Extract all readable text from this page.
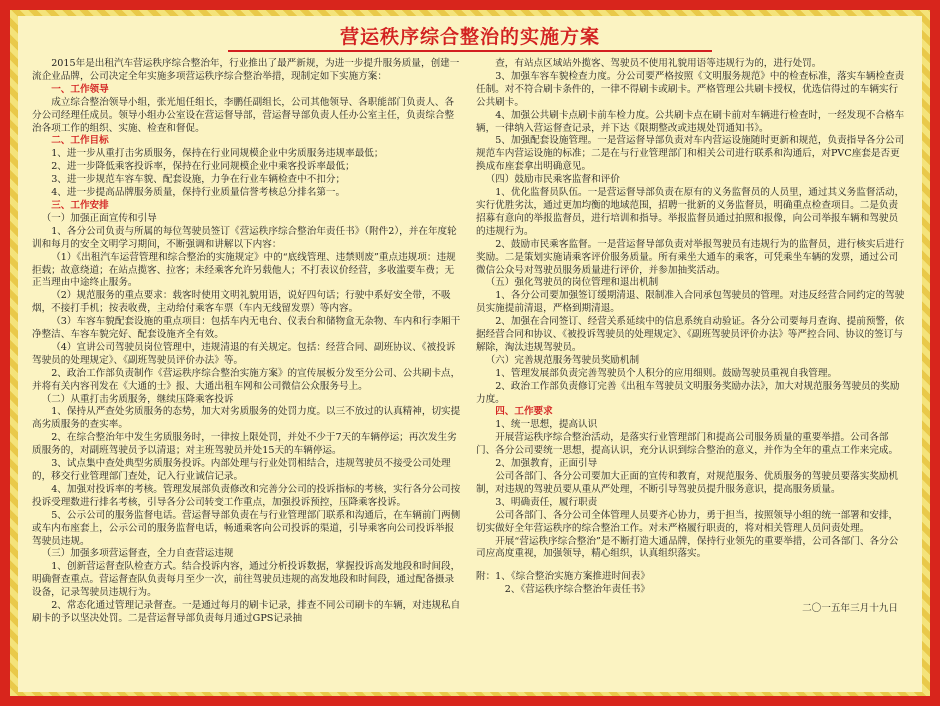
营运秩序综合整治的实施方案

2015年是出租汽车营运秩序综合整治年，行业推出了最严新规，为进一步提升服务质量，创建一流企业品牌，公司决定全年实施多项营运秩序综合整治举措，现制定如下实施方案：

一、工作领导

成立综合整治领导小组，张光旭任组长，李鹏任副组长，公司其他领导、各职能部门负责人、各分公司经理任成员。领导小组办公室设在营运督导部，营运督导部负责人任办公室主任，负责综合整治各项工作的组织、实施、检查和督促。

二、工作目标

1、进一步从重打击劣质服务，保持在行业同规模企业中劣质服务违规率最低；

2、进一步降低乘客投诉率，保持在行业同规模企业中乘客投诉率最低；

3、进一步规范车容车貌、配套设施，力争在行业车辆检查中不扣分；

4、进一步提高品牌服务质量，保持行业质量信誉考核总分排名第一。

三、工作安排

（一）加强正面宣传和引导

1、各分公司负责与所属的每位驾驶员签订《营运秩序综合整治年责任书》（附件2），并在年度轮训和每月的安全文明学习期间，不断强调和讲解以下内容：

（1）《出租汽车运营管理和综合整治的实施规定》中的“底线管理、违禁则废”重点违规项：违规拒载；故意绕道；在站点揽客、拉客；未经乘客允许另载他人；不打表议价经营，多收滥要车费；无正当理由中途终止服务。

（2）规范服务的重点要求：载客时使用文明礼貌用语，说好四句话；行驶中系好安全带，不吸烟，不接打手机；按表收费，主动给付乘客车票（车内无线留发票）等内容。

（3）车容车貌配套设施的重点项目：包括车内无电台、仪表台和储物盒无杂物、车内和行李厢干净整洁、车容车貌完好、配套设施齐全有效。

（4）宣讲公司驾驶员岗位管理中，违规清退的有关规定。包括：经营合同、副班协议、《被投诉驾驶员的处理规定》、《副班驾驶员评价办法》等。

2、政治工作部负责制作《营运秩序综合整治实施方案》的宣传展板分发至分公司、公共刷卡点，并将有关内容刊发在《大通的士》报、大通出租车网和公司微信公众服务号上。

（二）从重打击劣质服务，继续压降乘客投诉

1、保持从严查处劣质服务的态势，加大对劣质服务的处罚力度。以三不放过的认真精神，切实提高劣质服务的查实率。

2、在综合整治年中发生劣质服务时，一律按上限处罚，并处不少于7天的车辆停运；再次发生劣质服务的，对副班驾驶员予以清退；对主班驾驶员并处15天的车辆停运。

3、试点集中查处典型劣质服务投诉。内部处理与行业处罚相结合，违规驾驶员不接受公司处理的，移交行业管理部门查处，记入行业诚信记录。

4、加强对投诉率的考核。管理发展部负责修改和完善分公司的投诉指标的考核，实行各分公司按投诉受理数进行排名考核，引导各分公司转变工作重点，加强投诉预控，压降乘客投诉。

5、公示公司的服务监督电话。营运督导部负责在与行业管理部门联系和沟通后，在车辆前门两侧或车内布座套上，公示公司的服务监督电话，畅通乘客向公司投诉的渠道，引导乘客向公司投诉举报驾驶员违规。

（三）加强多项营运督查，全力自查营运违规

1、创新营运督查队检查方式。结合投诉内容，通过分析投诉数据，掌握投诉高发地段和时间段，明确督查重点。营运督查队负责每月至少一次，前往驾驶员违规的高发地段和时间段，通过配备摄录设备，记录驾驶员违规行为。

2、常态化通过管理记录督查。一是通过每月的刷卡记录，排查不同公司刷卡的车辆，对违规私自刷卡的予以坚决处罚。二是营运督导部负责每月通过GPS记录抽

查，有站点区域站外揽客、驾驶员不使用礼貌用语等违规行为的，进行处罚。

3、加强车容车貌检查力度。分公司要严格按照《文明服务规范》中的检查标准，落实车辆检查责任制。对不符合刷卡条件的，一律不得刷卡或刷卡。严格管理公共刷卡授权，优选信得过的车辆实行公共刷卡。

4、加强公共刷卡点刷卡前车检力度。公共刷卡点在刷卡前对车辆进行检查时，一经发现不合格车辆，一律纳入营运督查记录，并下达《限期整改或违规处罚通知书》。

5、加强配套设施管理。一是营运督导部负责对车内营运设施随时更新和规范，负责指导各分公司规范车内营运设施的标准；二是在与行业管理部门和相关公司进行联系和沟通后，对PVC座套是否更换成布座套拿出明确意见。

（四）鼓励市民乘客监督和评价

1、优化监督员队伍。一是营运督导部负责在原有的义务监督员的人员里，通过其义务监督活动，实行优胜劣汰，通过更加均衡的地域范围，招聘一批新的义务监督员，明确重点检查项目。二是负责招募有意向的举报监督员，进行培训和指导。举报监督员通过拍照和报像，向公司举报车辆和驾驶员的违规行为。

2、鼓励市民乘客监督。一是营运督导部负责对举报驾驶员有违规行为的监督员，进行核实后进行奖励。二是策划实施请乘客评价服务质量。所有乘坐大通车的乘客，可凭乘坐车辆的发票，通过公司微信公众号对驾驶员服务质量进行评价，并参加抽奖活动。

（五）强化驾驶员的岗位管理和退出机制

1、各分公司要加强签订缓期清退、限制准入合同承包驾驶员的管理。对违反经营合同约定的驾驶员实施提前清退，严格到期清退。

2、加强在合同签订、经营关系延续中的信息系统自动验证。各分公司要每月查询、提前预警，依据经营合同和协议、《被投诉驾驶员的处理规定》、《副班驾驶员评价办法》等严控合同、协议的签订与解除，淘汰违规驾驶员。

（六）完善规范服务驾驶员奖励机制

1、管理发展部负责完善驾驶员个人积分的应用细则。鼓励驾驶员重视自我管理。

2、政治工作部负责修订完善《出租车驾驶员文明服务奖励办法》，加大对规范服务驾驶员的奖励力度。

四、工作要求

1、统一思想，提高认识

开展营运秩序综合整治活动，是落实行业管理部门和提高公司服务质量的重要举措。公司各部门、各分公司要统一思想，提高认识，充分认识到综合整治的意义，并作为全年的重点工作来完成。

2、加强教育，正面引导

公司各部门、各分公司要加大正面的宣传和教育，对规范服务、优质服务的驾驶员要落实奖励机制，对违规的驾驶员要从重从严处理，不断引导驾驶员提升服务意识，提高服务质量。

3、明确责任，履行职责

公司各部门、各分公司全体管理人员要齐心协力，勇于担当，按照领导小组的统一部署和安排，切实做好全年营运秩序的综合整治工作。对未严格履行职责的，将对相关管理人员问责处理。

开展“营运秩序综合整治”是不断打造大通品牌，保持行业领先的重要举措，公司各部门、各分公司应高度重视，加强领导，精心组织，认真组织落实。

附：1、《综合整治实施方案推进时间表》

2、《营运秩序综合整治年责任书》

二〇一五年三月十九日
